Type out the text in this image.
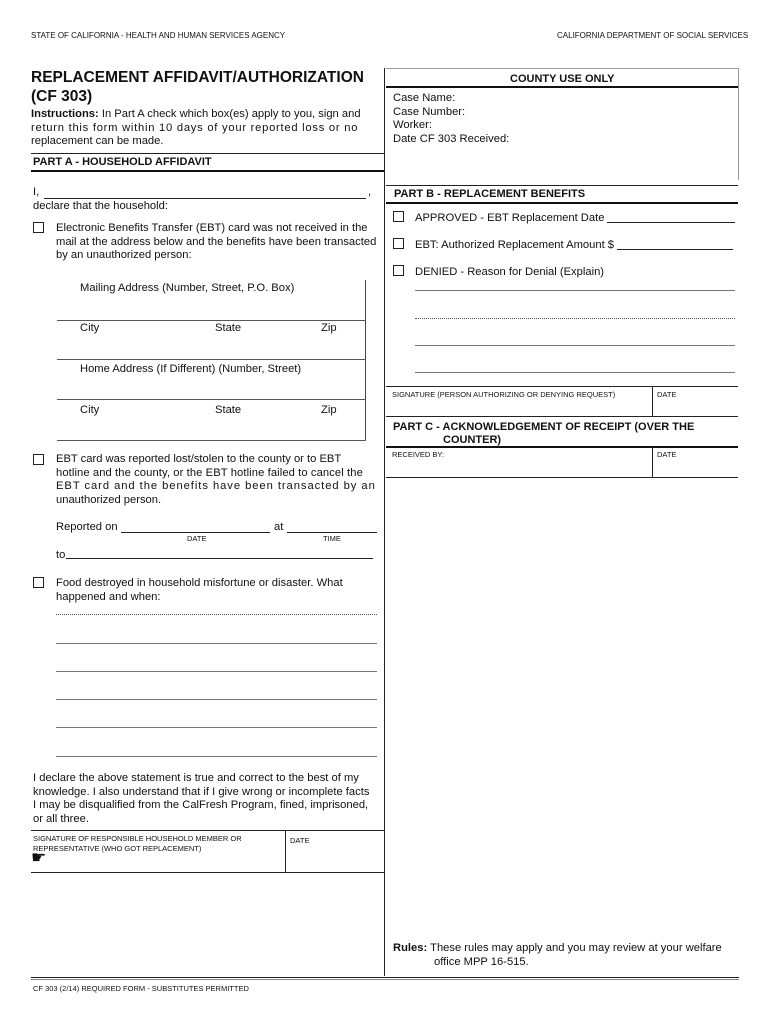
STATE OF CALIFORNIA - HEALTH AND HUMAN SERVICES AGENCY	CALIFORNIA DEPARTMENT OF SOCIAL SERVICES
REPLACEMENT AFFIDAVIT/AUTHORIZATION
(CF 303)
Instructions: In Part A check which box(es) apply to you, sign and
return this form within 10 days of your reported loss or no
replacement can be made.
COUNTY USE ONLY
Case Name:
Case Number:
Worker:
Date CF 303 Received:
PART A - HOUSEHOLD AFFIDAVIT
I,	,
declare that the household:
Electronic Benefits Transfer (EBT) card was not received in the
mail at the address below and the benefits have been transacted
by an unauthorized person:
Mailing Address (Number, Street, P.O. Box)
City	State	Zip
Home Address (If Different) (Number, Street)
City	State	Zip
EBT card was reported lost/stolen to the county or to EBT
hotline and the county, or the EBT hotline failed to cancel the
EBT card and the benefits have been transacted by an
unauthorized person.
Reported on	at
DATE	TIME
to
Food destroyed in household misfortune or disaster. What
happened and when:
I declare the above statement is true and correct to the best of my
knowledge. I also understand that if I give wrong or incomplete facts
I may be disqualified from the CalFresh Program, fined, imprisoned,
or all three.
SIGNATURE OF RESPONSIBLE HOUSEHOLD MEMBER OR
REPRESENTATIVE (WHO GOT REPLACEMENT)
DATE
☛
PART B - REPLACEMENT BENEFITS
APPROVED - EBT Replacement Date
EBT: Authorized Replacement Amount $
DENIED - Reason for Denial (Explain)
SIGNATURE (PERSON AUTHORIZING OR DENYING REQUEST)	DATE
PART C - ACKNOWLEDGEMENT OF RECEIPT (OVER THE
COUNTER)
RECEIVED BY:	DATE
Rules: These rules may apply and you may review at your welfare
office MPP 16-515.
CF 303 (2/14) REQUIRED FORM - SUBSTITUTES PERMITTED
